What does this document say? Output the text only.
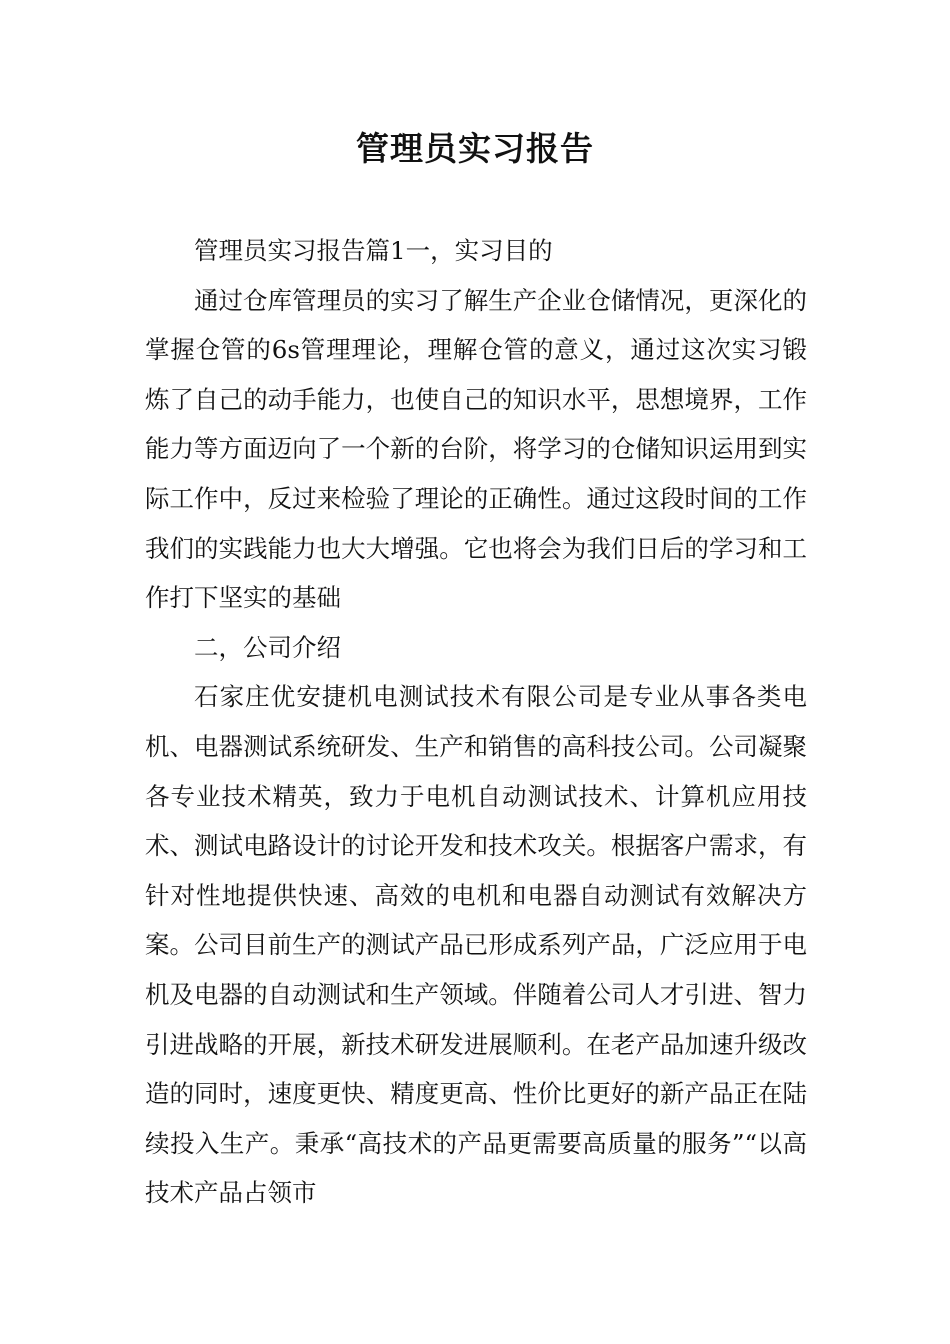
管理员实习报告

管理员实习报告篇1一，实习目的

通过仓库管理员的实习了解生产企业仓储情况，更深化的掌握仓管的6s管理理论，理解仓管的意义，通过这次实习锻炼了自己的动手能力，也使自己的知识水平，思想境界，工作能力等方面迈向了一个新的台阶，将学习的仓储知识运用到实际工作中，反过来检验了理论的正确性。通过这段时间的工作我们的实践能力也大大增强。它也将会为我们日后的学习和工作打下坚实的基础

二，公司介绍

石家庄优安捷机电测试技术有限公司是专业从事各类电机、电器测试系统研发、生产和销售的高科技公司。公司凝聚各专业技术精英，致力于电机自动测试技术、计算机应用技术、测试电路设计的讨论开发和技术攻关。根据客户需求，有针对性地提供快速、高效的电机和电器自动测试有效解决方案。公司目前生产的测试产品已形成系列产品，广泛应用于电机及电器的自动测试和生产领域。伴随着公司人才引进、智力引进战略的开展，新技术研发进展顺利。在老产品加速升级改造的同时，速度更快、精度更高、性价比更好的新产品正在陆续投入生产。秉承“高技术的产品更需要高质量的服务”“以高技术产品占领市
